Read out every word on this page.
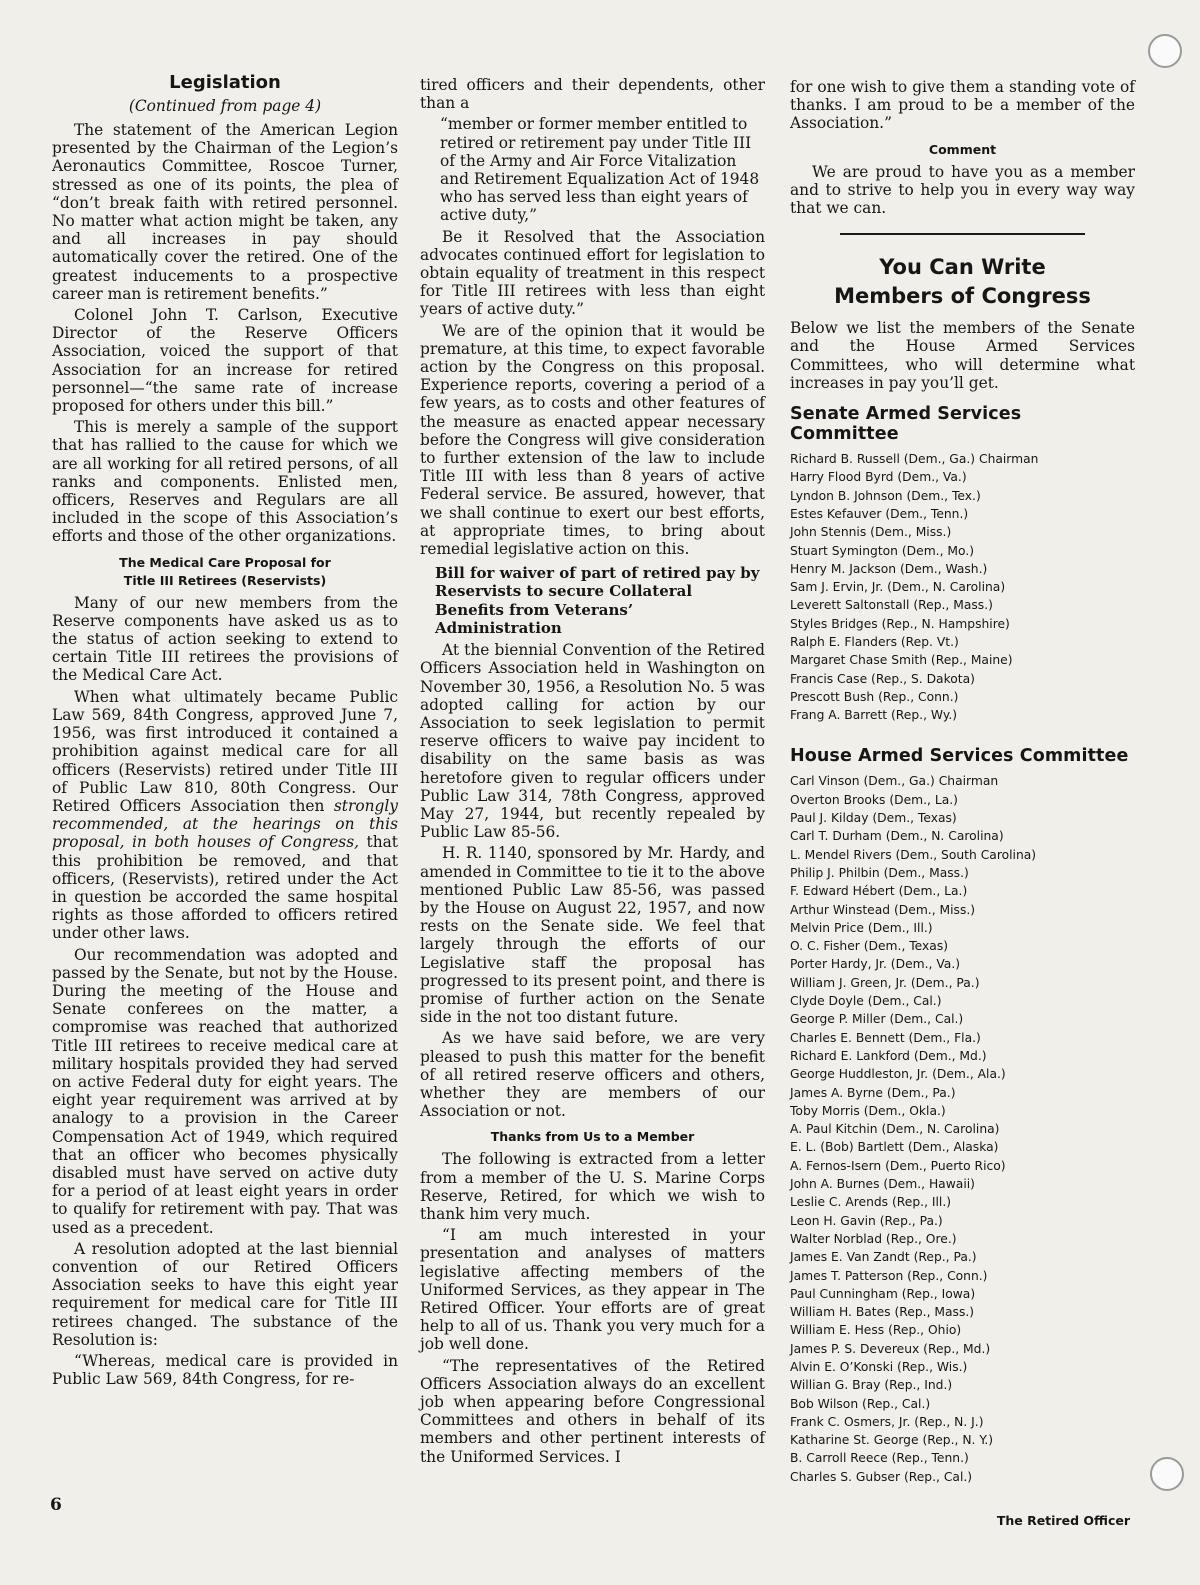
Legislation
(Continued from page 4)

The statement of the American Legion presented by the Chairman of the Legion’s Aeronautics Committee, Roscoe Turner, stressed as one of its points, the plea of “don’t break faith with retired personnel. No matter what action might be taken, any and all increases in pay should automatically cover the retired. One of the greatest inducements to a prospective career man is retirement benefits.”

Colonel John T. Carlson, Executive Director of the Reserve Officers Association, voiced the support of that Association for an increase for retired personnel—“the same rate of increase proposed for others under this bill.”

This is merely a sample of the support that has rallied to the cause for which we are all working for all retired persons, of all ranks and components. Enlisted men, officers, Reserves and Regulars are all included in the scope of this Association’s efforts and those of the other organizations.

The Medical Care Proposal for
Title III Retirees (Reservists)

Many of our new members from the Reserve components have asked us as to the status of action seeking to extend to certain Title III retirees the provisions of the Medical Care Act.

When what ultimately became Public Law 569, 84th Congress, approved June 7, 1956, was first introduced it contained a prohibition against medical care for all officers (Reservists) retired under Title III of Public Law 810, 80th Congress. Our Retired Officers Association then strongly recommended, at the hearings on this proposal, in both houses of Congress, that this prohibition be removed, and that officers, (Reservists), retired under the Act in question be accorded the same hospital rights as those afforded to officers retired under other laws.

Our recommendation was adopted and passed by the Senate, but not by the House. During the meeting of the House and Senate conferees on the matter, a compromise was reached that authorized Title III retirees to receive medical care at military hospitals provided they had served on active Federal duty for eight years. The eight year requirement was arrived at by analogy to a provision in the Career Compensation Act of 1949, which required that an officer who becomes physically disabled must have served on active duty for a period of at least eight years in order to qualify for retirement with pay. That was used as a precedent.

A resolution adopted at the last biennial convention of our Retired Officers Association seeks to have this eight year requirement for medical care for Title III retirees changed. The substance of the Resolution is:

“Whereas, medical care is provided in Public Law 569, 84th Congress, for re-

tired officers and their dependents, other than a

“member or former member entitled to retired or retirement pay under Title III of the Army and Air Force Vitalization and Retirement Equalization Act of 1948 who has served less than eight years of active duty,”

Be it Resolved that the Association advocates continued effort for legislation to obtain equality of treatment in this respect for Title III retirees with less than eight years of active duty.”

We are of the opinion that it would be premature, at this time, to expect favorable action by the Congress on this proposal. Experience reports, covering a period of a few years, as to costs and other features of the measure as enacted appear necessary before the Congress will give consideration to further extension of the law to include Title III with less than 8 years of active Federal service. Be assured, however, that we shall continue to exert our best efforts, at appropriate times, to bring about remedial legislative action on this.

Bill for waiver of part of retired pay by Reservists to secure Collateral Benefits from Veterans’ Administration

At the biennial Convention of the Retired Officers Association held in Washington on November 30, 1956, a Resolution No. 5 was adopted calling for action by our Association to seek legislation to permit reserve officers to waive pay incident to disability on the same basis as was heretofore given to regular officers under Public Law 314, 78th Congress, approved May 27, 1944, but recently repealed by Public Law 85-56.

H. R. 1140, sponsored by Mr. Hardy, and amended in Committee to tie it to the above mentioned Public Law 85-56, was passed by the House on August 22, 1957, and now rests on the Senate side. We feel that largely through the efforts of our Legislative staff the proposal has progressed to its present point, and there is promise of further action on the Senate side in the not too distant future.

As we have said before, we are very pleased to push this matter for the benefit of all retired reserve officers and others, whether they are members of our Association or not.

Thanks from Us to a Member

The following is extracted from a letter from a member of the U. S. Marine Corps Reserve, Retired, for which we wish to thank him very much.

“I am much interested in your presentation and analyses of matters legislative affecting members of the Uniformed Services, as they appear in The Retired Officer. Your efforts are of great help to all of us. Thank you very much for a job well done.

“The representatives of the Retired Officers Association always do an excellent job when appearing before Congressional Committees and others in behalf of its members and other pertinent interests of the Uniformed Services. I

for one wish to give them a standing vote of thanks. I am proud to be a member of the Association.”

Comment

We are proud to have you as a member and to strive to help you in every way way that we can.

You Can Write
Members of Congress

Below we list the members of the Senate and the House Armed Services Committees, who will determine what increases in pay you’ll get.

Senate Armed Services Committee
Richard B. Russell (Dem., Ga.) Chairman
Harry Flood Byrd (Dem., Va.)
Lyndon B. Johnson (Dem., Tex.)
Estes Kefauver (Dem., Tenn.)
John Stennis (Dem., Miss.)
Stuart Symington (Dem., Mo.)
Henry M. Jackson (Dem., Wash.)
Sam J. Ervin, Jr. (Dem., N. Carolina)
Leverett Saltonstall (Rep., Mass.)
Styles Bridges (Rep., N. Hampshire)
Ralph E. Flanders (Rep. Vt.)
Margaret Chase Smith (Rep., Maine)
Francis Case (Rep., S. Dakota)
Prescott Bush (Rep., Conn.)
Frang A. Barrett (Rep., Wy.)
House Armed Services Committee
Carl Vinson (Dem., Ga.) Chairman
Overton Brooks (Dem., La.)
Paul J. Kilday (Dem., Texas)
Carl T. Durham (Dem., N. Carolina)
L. Mendel Rivers (Dem., South Carolina)
Philip J. Philbin (Dem., Mass.)
F. Edward Hébert (Dem., La.)
Arthur Winstead (Dem., Miss.)
Melvin Price (Dem., Ill.)
O. C. Fisher (Dem., Texas)
Porter Hardy, Jr. (Dem., Va.)
William J. Green, Jr. (Dem., Pa.)
Clyde Doyle (Dem., Cal.)
George P. Miller (Dem., Cal.)
Charles E. Bennett (Dem., Fla.)
Richard E. Lankford (Dem., Md.)
George Huddleston, Jr. (Dem., Ala.)
James A. Byrne (Dem., Pa.)
Toby Morris (Dem., Okla.)
A. Paul Kitchin (Dem., N. Carolina)
E. L. (Bob) Bartlett (Dem., Alaska)
A. Fernos-Isern (Dem., Puerto Rico)
John A. Burnes (Dem., Hawaii)
Leslie C. Arends (Rep., Ill.)
Leon H. Gavin (Rep., Pa.)
Walter Norblad (Rep., Ore.)
James E. Van Zandt (Rep., Pa.)
James T. Patterson (Rep., Conn.)
Paul Cunningham (Rep., Iowa)
William H. Bates (Rep., Mass.)
William E. Hess (Rep., Ohio)
James P. S. Devereux (Rep., Md.)
Alvin E. O’Konski (Rep., Wis.)
Willian G. Bray (Rep., Ind.)
Bob Wilson (Rep., Cal.)
Frank C. Osmers, Jr. (Rep., N. J.)
Katharine St. George (Rep., N. Y.)
B. Carroll Reece (Rep., Tenn.)
Charles S. Gubser (Rep., Cal.)
6
The Retired Officer
